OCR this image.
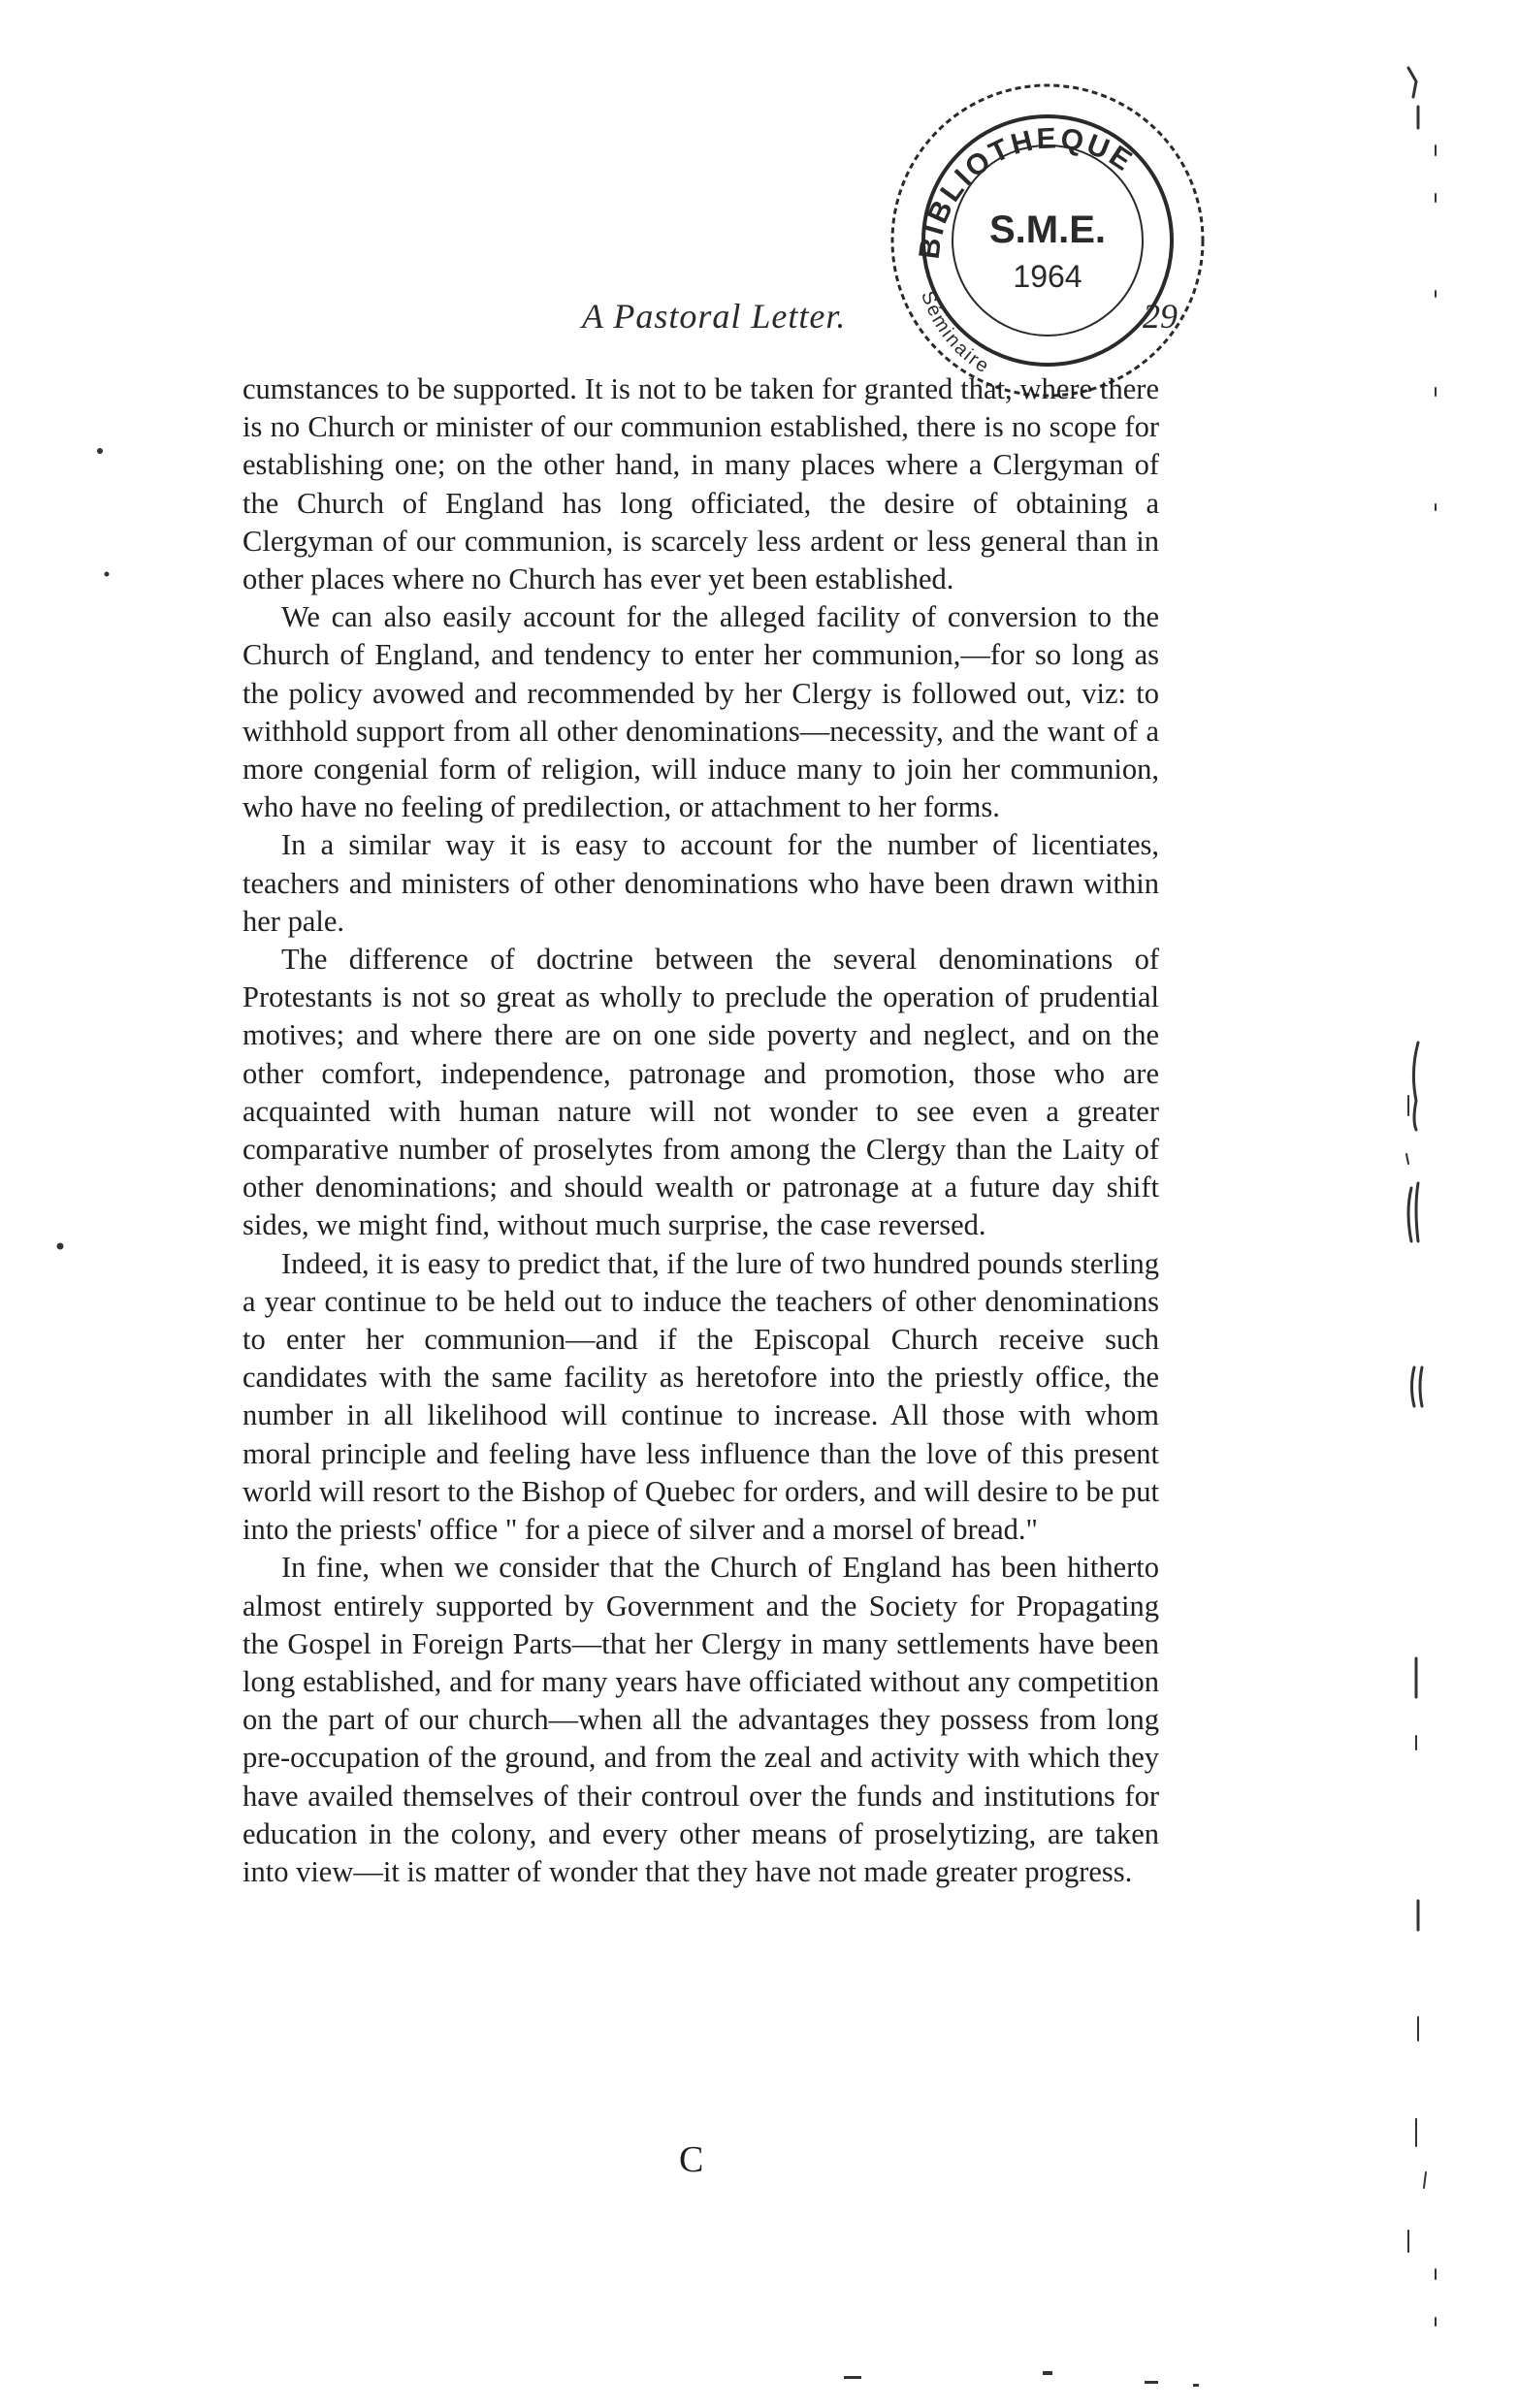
A Pastoral Letter.	29
BIBLIOTHEQUE
S.M.E.
1964
Séminaire

cumstances to be supported. It is not to be taken for granted that, where there is no Church or minister of our communion established, there is no scope for establishing one; on the other hand, in many places where a Clergyman of the Church of England has long officiated, the desire of obtaining a Clergyman of our communion, is scarcely less ardent or less general than in other places where no Church has ever yet been established.

We can also easily account for the alleged facility of conversion to the Church of England, and tendency to enter her communion,—for so long as the policy avowed and recommended by her Clergy is followed out, viz: to withhold support from all other denominations—necessity, and the want of a more congenial form of religion, will induce many to join her communion, who have no feeling of predilection, or attachment to her forms.

In a similar way it is easy to account for the number of licentiates, teachers and ministers of other denominations who have been drawn within her pale.

The difference of doctrine between the several denominations of Protestants is not so great as wholly to preclude the operation of prudential motives; and where there are on one side poverty and neglect, and on the other comfort, independence, patronage and promotion, those who are acquainted with human nature will not wonder to see even a greater comparative number of proselytes from among the Clergy than the Laity of other denominations; and should wealth or patronage at a future day shift sides, we might find, without much surprise, the case reversed.

Indeed, it is easy to predict that, if the lure of two hundred pounds sterling a year continue to be held out to induce the teachers of other denominations to enter her communion—and if the Episcopal Church receive such candidates with the same facility as heretofore into the priestly office, the number in all likelihood will continue to increase. All those with whom moral principle and feeling have less influence than the love of this present world will resort to the Bishop of Quebec for orders, and will desire to be put into the priests' office " for a piece of silver and a morsel of bread."

In fine, when we consider that the Church of England has been hitherto almost entirely supported by Government and the Society for Propagating the Gospel in Foreign Parts—that her Clergy in many settlements have been long established, and for many years have officiated without any competition on the part of our church—when all the advantages they possess from long pre-occupation of the ground, and from the zeal and activity with which they have availed themselves of their controul over the funds and institutions for education in the colony, and every other means of proselytizing, are taken into view—it is matter of wonder that they have not made greater progress.

C
